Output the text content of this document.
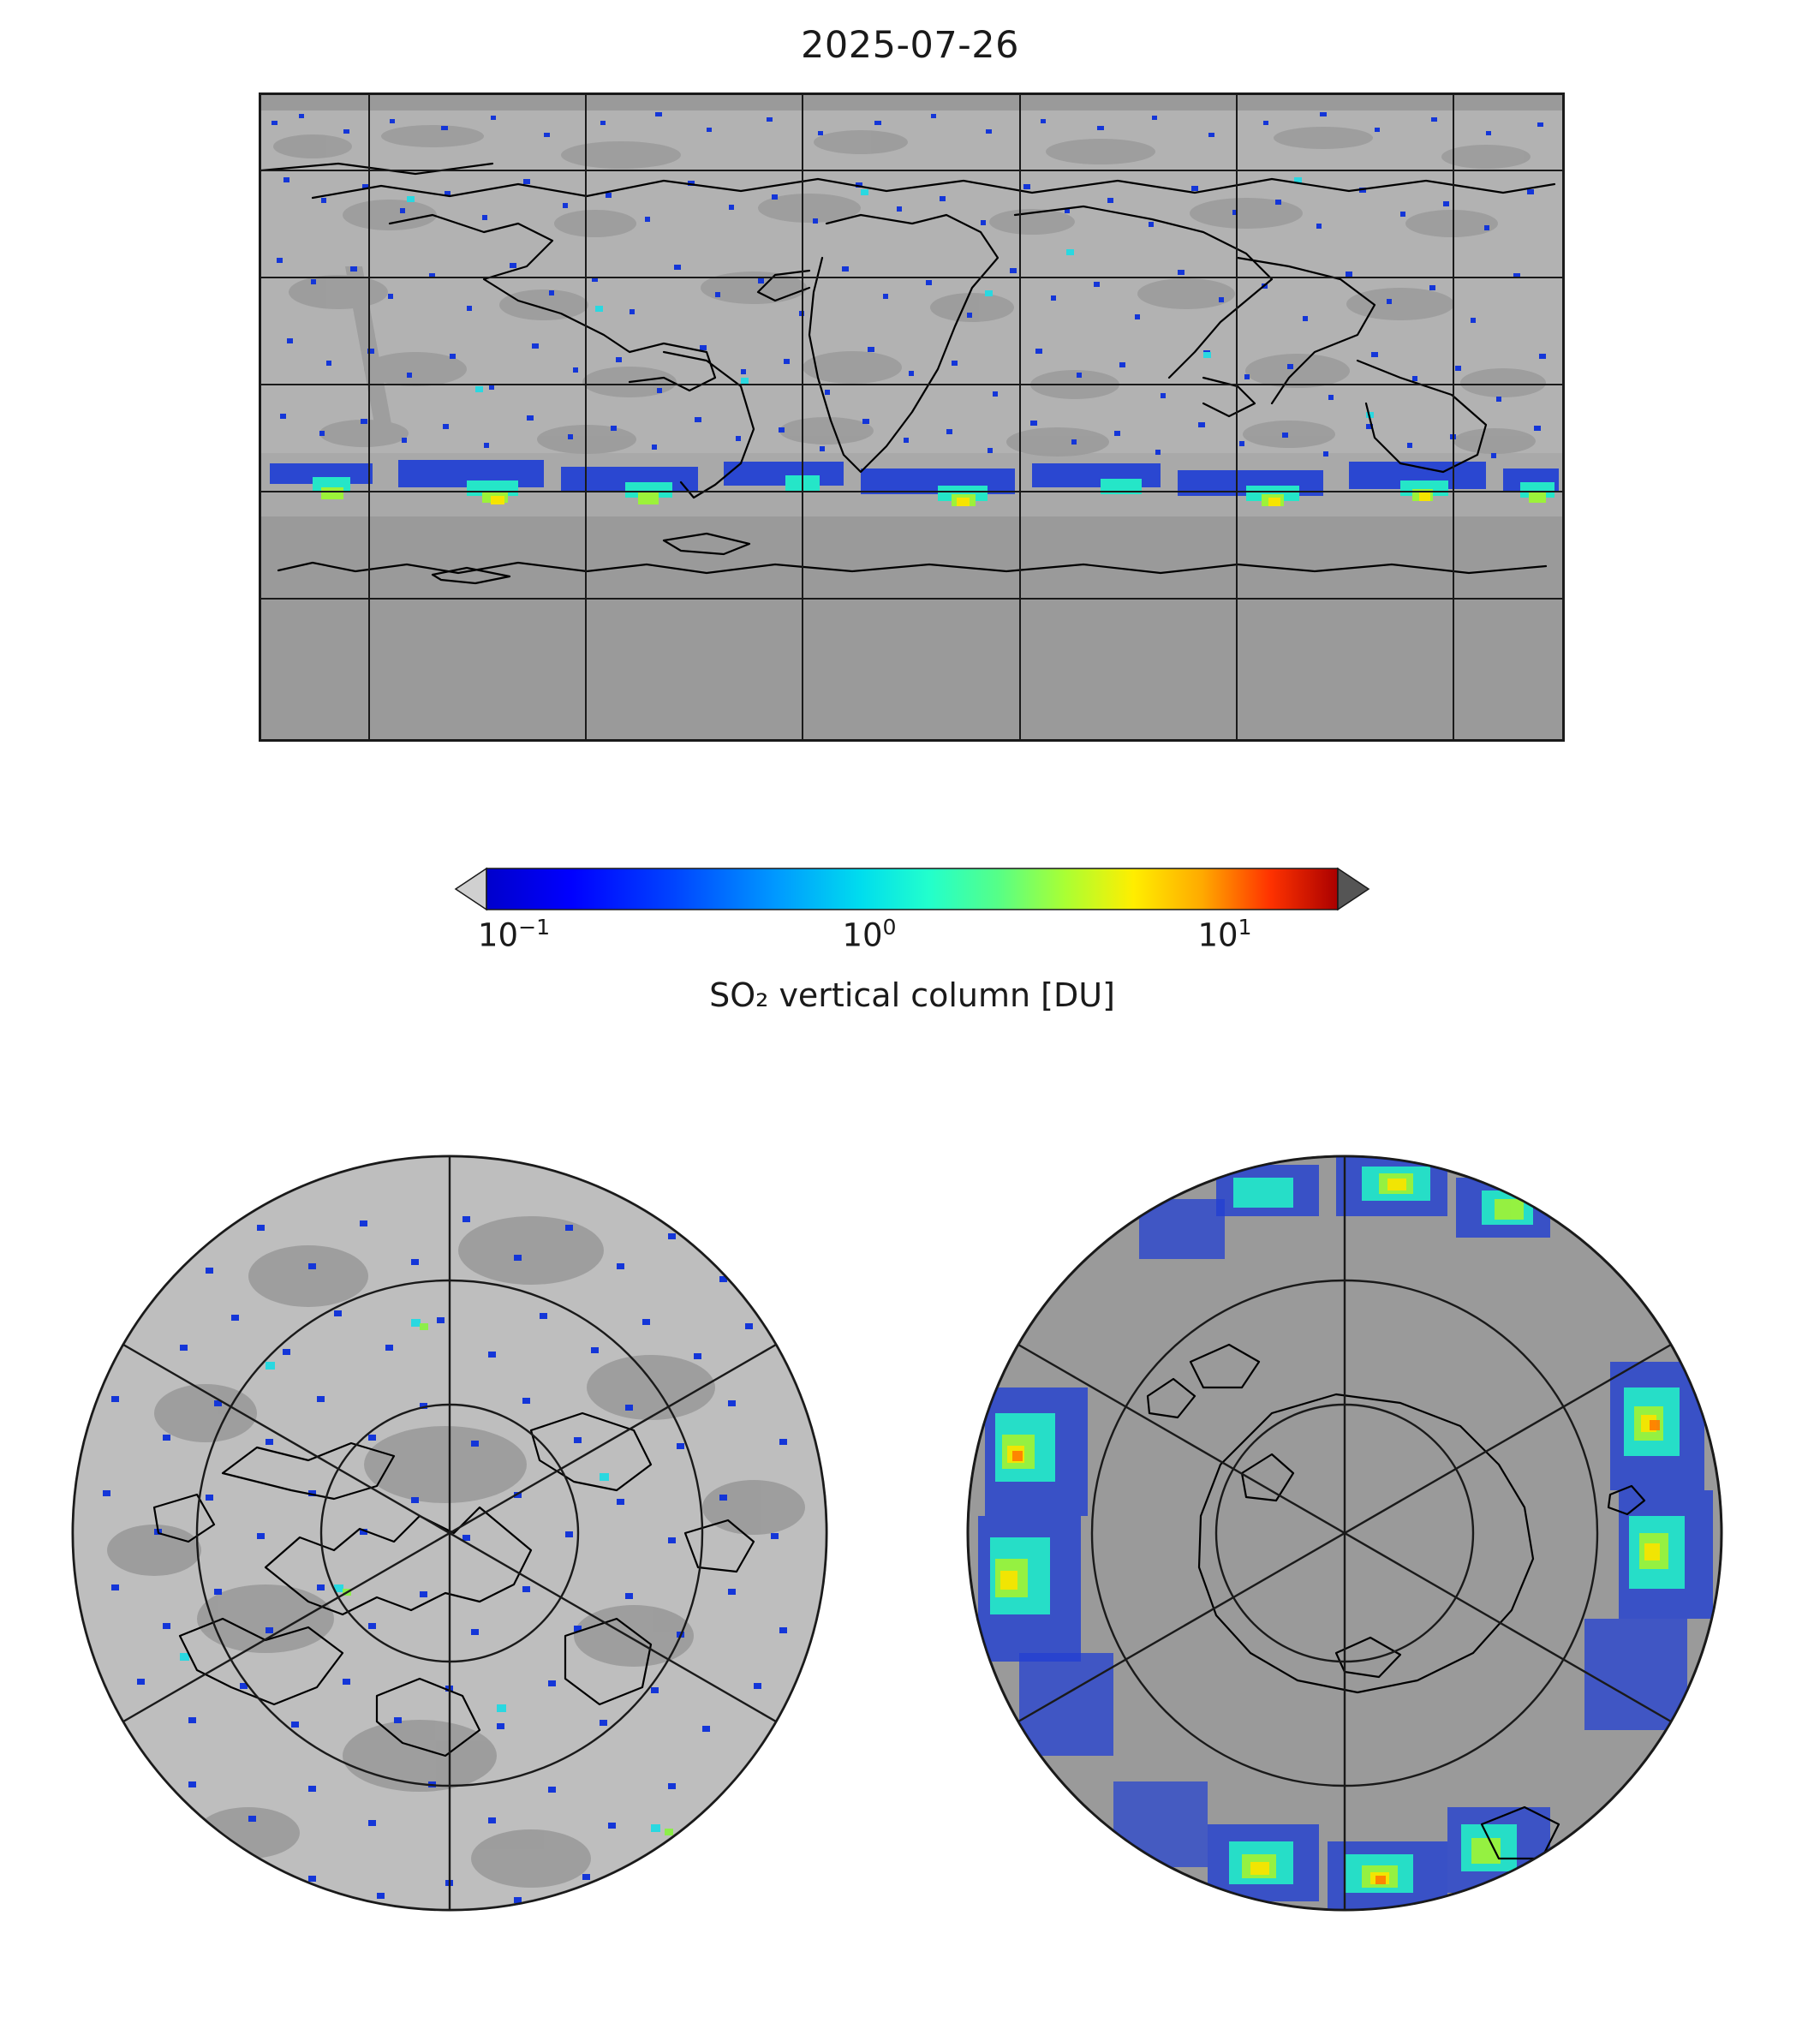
2025-07-26
$10^{-1}$	$10^0$	$10^1$
SO₂ vertical column [DU]
